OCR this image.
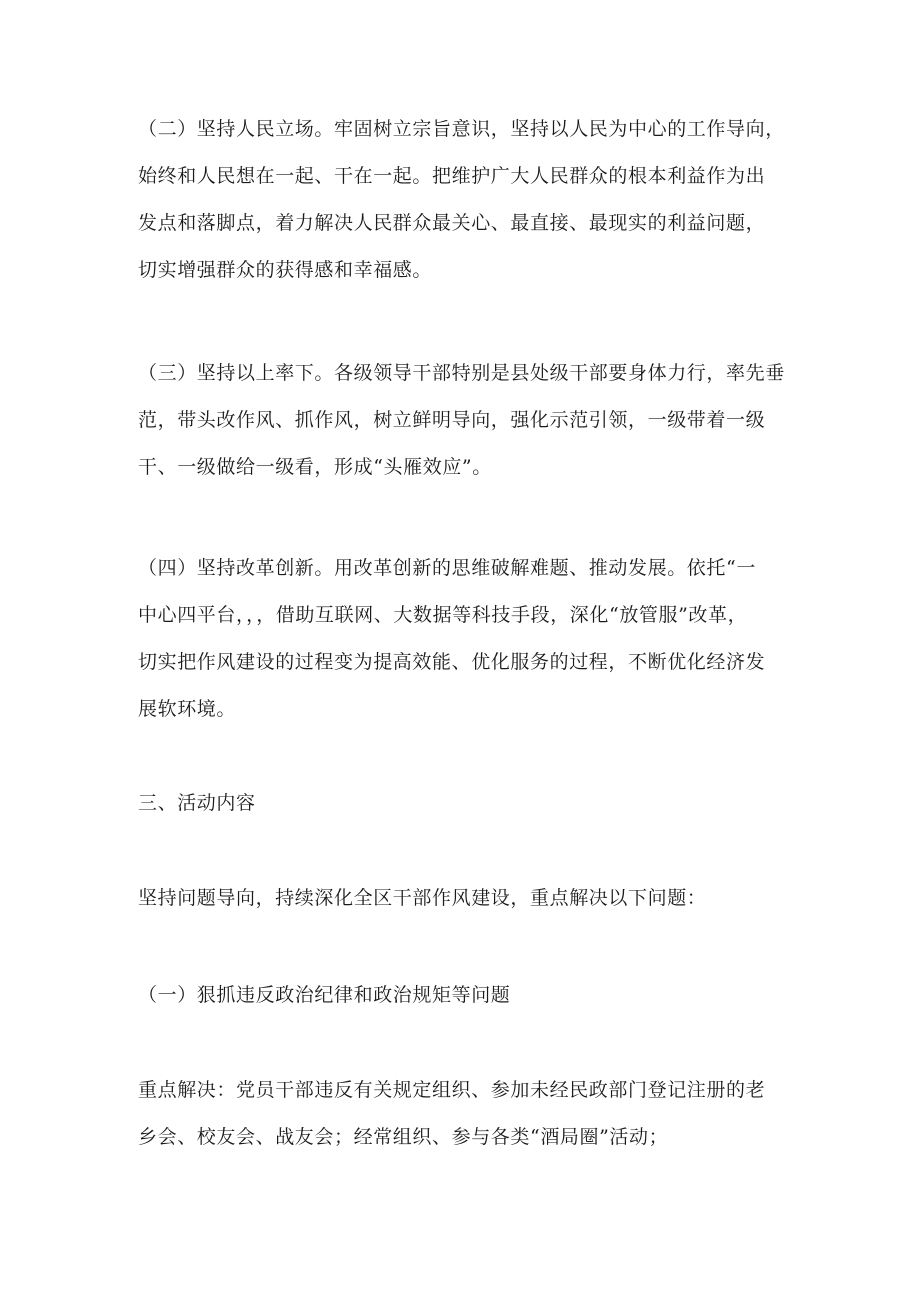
（二）坚持人民立场。牢固树立宗旨意识，坚持以人民为中心的工作导向，
始终和人民想在一起、干在一起。把维护广大人民群众的根本利益作为出
发点和落脚点，着力解决人民群众最关心、最直接、最现实的利益问题，
切实增强群众的获得感和幸福感。
（三）坚持以上率下。各级领导干部特别是县处级干部要身体力行，率先垂
范，带头改作风、抓作风，树立鲜明导向，强化示范引领，一级带着一级
干、一级做给一级看，形成“头雁效应”。
（四）坚持改革创新。用改革创新的思维破解难题、推动发展。依托“一
中心四平台，，，借助互联网、大数据等科技手段，深化“放管服”改革，
切实把作风建设的过程变为提高效能、优化服务的过程，不断优化经济发
展软环境。
三、活动内容
坚持问题导向，持续深化全区干部作风建设，重点解决以下问题：
（一）狠抓违反政治纪律和政治规矩等问题
重点解决：党员干部违反有关规定组织、参加未经民政部门登记注册的老
乡会、校友会、战友会；经常组织、参与各类“酒局圈”活动；
